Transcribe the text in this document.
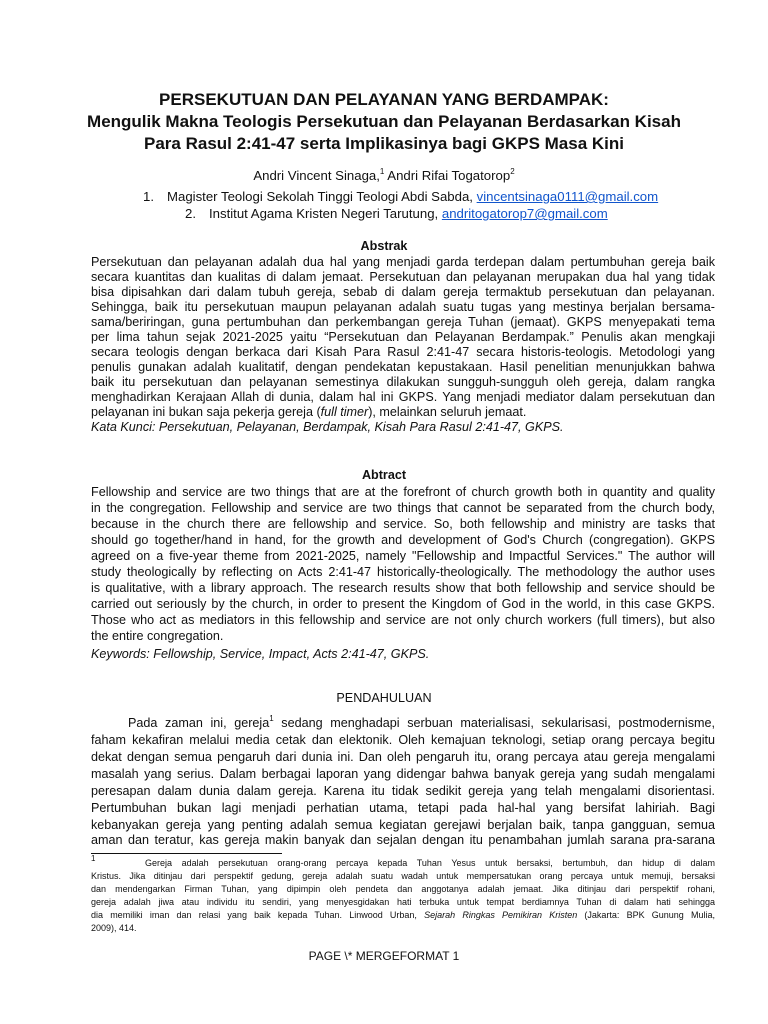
PERSEKUTUAN DAN PELAYANAN YANG BERDAMPAK:
Mengulik Makna Teologis Persekutuan dan Pelayanan Berdasarkan Kisah
Para Rasul 2:41-47 serta Implikasinya bagi GKPS Masa Kini
Andri Vincent Sinaga,$^1$ Andri Rifai Togatorop$^2$
1. Magister Teologi Sekolah Tinggi Teologi Abdi Sabda, vincentsinaga0111@gmail.com
2. Institut Agama Kristen Negeri Tarutung, andritogatorop7@gmail.com
Abstrak
Persekutuan dan pelayanan adalah dua hal yang menjadi garda terdepan dalam pertumbuhan gereja baik
secara kuantitas dan kualitas di dalam jemaat. Persekutuan dan pelayanan merupakan dua hal yang tidak
bisa dipisahkan dari dalam tubuh gereja, sebab di dalam gereja termaktub persekutuan dan pelayanan.
Sehingga, baik itu persekutuan maupun pelayanan adalah suatu tugas yang mestinya berjalan bersama-
sama/beriringan, guna pertumbuhan dan perkembangan gereja Tuhan (jemaat). GKPS menyepakati tema
per lima tahun sejak 2021-2025 yaitu “Persekutuan dan Pelayanan Berdampak.” Penulis akan mengkaji
secara teologis dengan berkaca dari Kisah Para Rasul 2:41-47 secara historis-teologis. Metodologi yang
penulis gunakan adalah kualitatif, dengan pendekatan kepustakaan. Hasil penelitian menunjukkan bahwa
baik itu persekutuan dan pelayanan semestinya dilakukan sungguh-sungguh oleh gereja, dalam rangka
menghadirkan Kerajaan Allah di dunia, dalam hal ini GKPS. Yang menjadi mediator dalam persekutuan dan
pelayanan ini bukan saja pekerja gereja (full timer), melainkan seluruh jemaat.
Kata Kunci: Persekutuan, Pelayanan, Berdampak, Kisah Para Rasul 2:41-47, GKPS.
Abtract
Fellowship and service are two things that are at the forefront of church growth both in quantity and quality
in the congregation. Fellowship and service are two things that cannot be separated from the church body,
because in the church there are fellowship and service. So, both fellowship and ministry are tasks that
should go together/hand in hand, for the growth and development of God's Church (congregation). GKPS
agreed on a five-year theme from 2021-2025, namely "Fellowship and Impactful Services." The author will
study theologically by reflecting on Acts 2:41-47 historically-theologically. The methodology the author uses
is qualitative, with a library approach. The research results show that both fellowship and service should be
carried out seriously by the church, in order to present the Kingdom of God in the world, in this case GKPS.
Those who act as mediators in this fellowship and service are not only church workers (full timers), but also
the entire congregation.
Keywords: Fellowship, Service, Impact, Acts 2:41-47, GKPS.
PENDAHULUAN
Pada zaman ini, gereja$^1$ sedang menghadapi serbuan materialisasi, sekularisasi, postmodernisme,
faham kekafiran melalui media cetak dan elektonik. Oleh kemajuan teknologi, setiap orang percaya begitu
dekat dengan semua pengaruh dari dunia ini. Dan oleh pengaruh itu, orang percaya atau gereja mengalami
masalah yang serius. Dalam berbagai laporan yang didengar bahwa banyak gereja yang sudah mengalami
peresapan dalam dunia dalam gereja. Karena itu tidak sedikit gereja yang telah mengalami disorientasi.
Pertumbuhan bukan lagi menjadi perhatian utama, tetapi pada hal-hal yang bersifat lahiriah. Bagi
kebanyakan gereja yang penting adalah semua kegiatan gerejawi berjalan baik, tanpa gangguan, semua
aman dan teratur, kas gereja makin banyak dan sejalan dengan itu penambahan jumlah sarana pra-sarana
1	Gereja adalah persekutuan orang-orang percaya kepada Tuhan Yesus untuk bersaksi, bertumbuh, dan hidup di dalam
Kristus. Jika ditinjau dari perspektif gedung, gereja adalah suatu wadah untuk mempersatukan orang percaya untuk memuji, bersaksi
dan mendengarkan Firman Tuhan, yang dipimpin oleh pendeta dan anggotanya adalah jemaat. Jika ditinjau dari perspektif rohani,
gereja adalah jiwa atau individu itu sendiri, yang menyesgidakan hati terbuka untuk tempat berdiamnya Tuhan di dalam hati sehingga
dia memiliki iman dan relasi yang baik kepada Tuhan. Linwood Urban, Sejarah Ringkas Pemikiran Kristen (Jakarta: BPK Gunung Mulia,
2009), 414.
PAGE \* MERGEFORMAT 1
